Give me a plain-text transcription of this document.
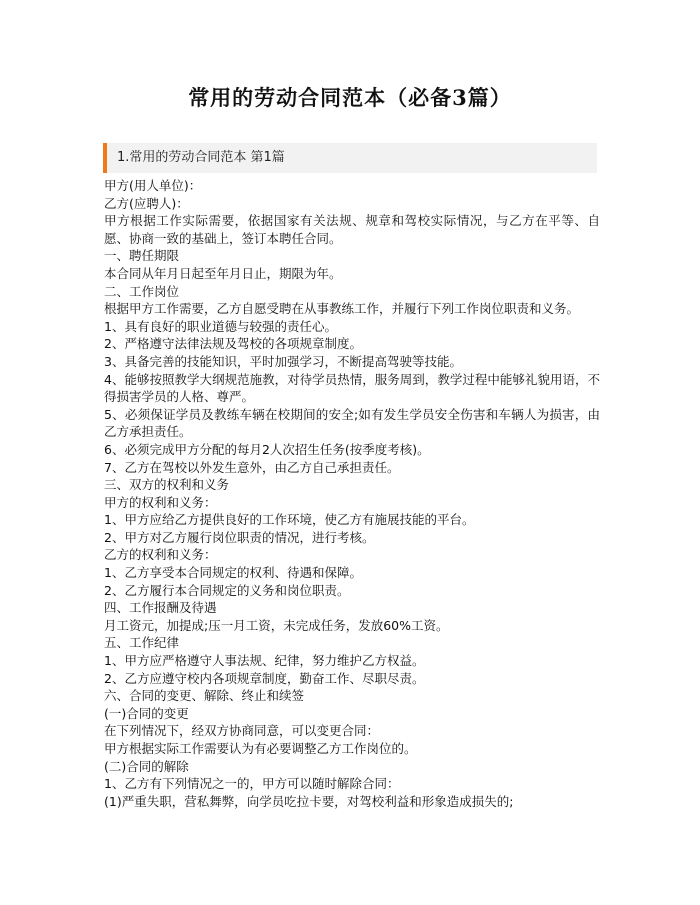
常用的劳动合同范本（必备3篇）
1.常用的劳动合同范本 第1篇

甲方(用人单位)：

乙方(应聘人)：

甲方根据工作实际需要，依据国家有关法规、规章和驾校实际情况，与乙方在平等、自愿、协商一致的基础上，签订本聘任合同。

一、聘任期限

本合同从年月日起至年月日止，期限为年。

二、工作岗位

根据甲方工作需要，乙方自愿受聘在从事教练工作，并履行下列工作岗位职责和义务。

1、具有良好的职业道德与较强的责任心。

2、严格遵守法律法规及驾校的各项规章制度。

3、具备完善的技能知识，平时加强学习，不断提高驾驶等技能。

4、能够按照教学大纲规范施教，对待学员热情，服务周到，教学过程中能够礼貌用语，不得损害学员的人格、尊严。

5、必须保证学员及教练车辆在校期间的安全;如有发生学员安全伤害和车辆人为损害，由乙方承担责任。

6、必须完成甲方分配的每月2人次招生任务(按季度考核)。

7、乙方在驾校以外发生意外，由乙方自己承担责任。

三、双方的权利和义务

甲方的权利和义务：

1、甲方应给乙方提供良好的工作环境，使乙方有施展技能的平台。

2、甲方对乙方履行岗位职责的情况，进行考核。

乙方的权利和义务：

1、乙方享受本合同规定的权利、待遇和保障。

2、乙方履行本合同规定的义务和岗位职责。

四、工作报酬及待遇

月工资元，加提成;压一月工资，未完成任务，发放60%工资。

五、工作纪律

1、甲方应严格遵守人事法规、纪律，努力维护乙方权益。

2、乙方应遵守校内各项规章制度，勤奋工作、尽职尽责。

六、合同的变更、解除、终止和续签

(一)合同的变更

在下列情况下，经双方协商同意，可以变更合同：

甲方根据实际工作需要认为有必要调整乙方工作岗位的。

(二)合同的解除

1、乙方有下列情况之一的，甲方可以随时解除合同：

(1)严重失职，营私舞弊，向学员吃拉卡要，对驾校利益和形象造成损失的;
